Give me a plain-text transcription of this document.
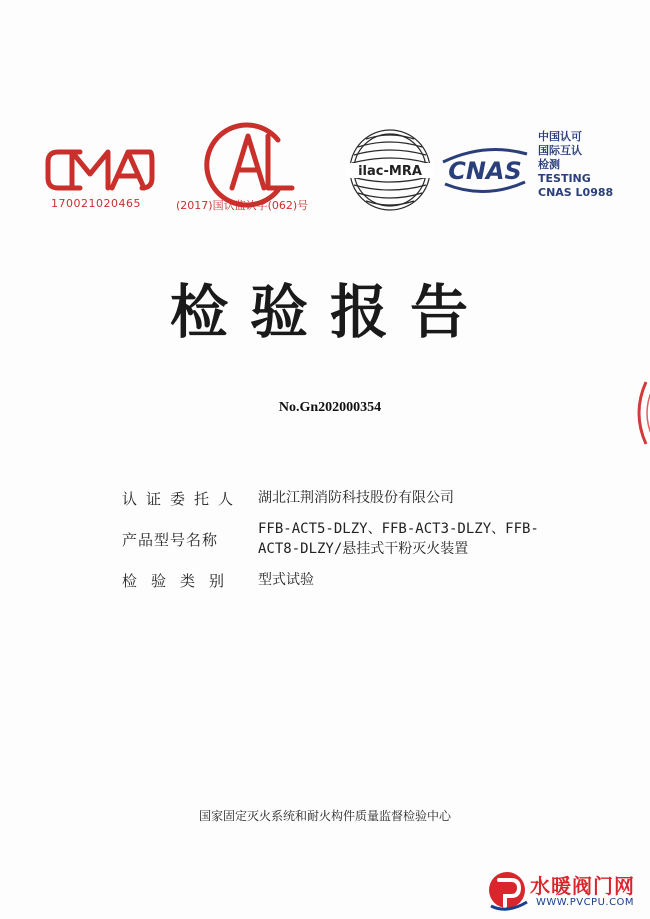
170021020465	(2017)国认监认字(062)号
ilac-MRA CNAS
中国认可
国际互认
检测
TESTING
CNAS L0988
检验报告
No.Gn202000354
认证委托人 湖北江荆消防科技股份有限公司
产品型号名称
FFB-ACT5-DLZY、FFB-ACT3-DLZY、FFB-
ACT8-DLZY/悬挂式干粉灭火装置
检验类别 型式试验
国家固定灭火系统和耐火构件质量监督检验中心
水暖阀门网
WWW.PVCPU.COM
